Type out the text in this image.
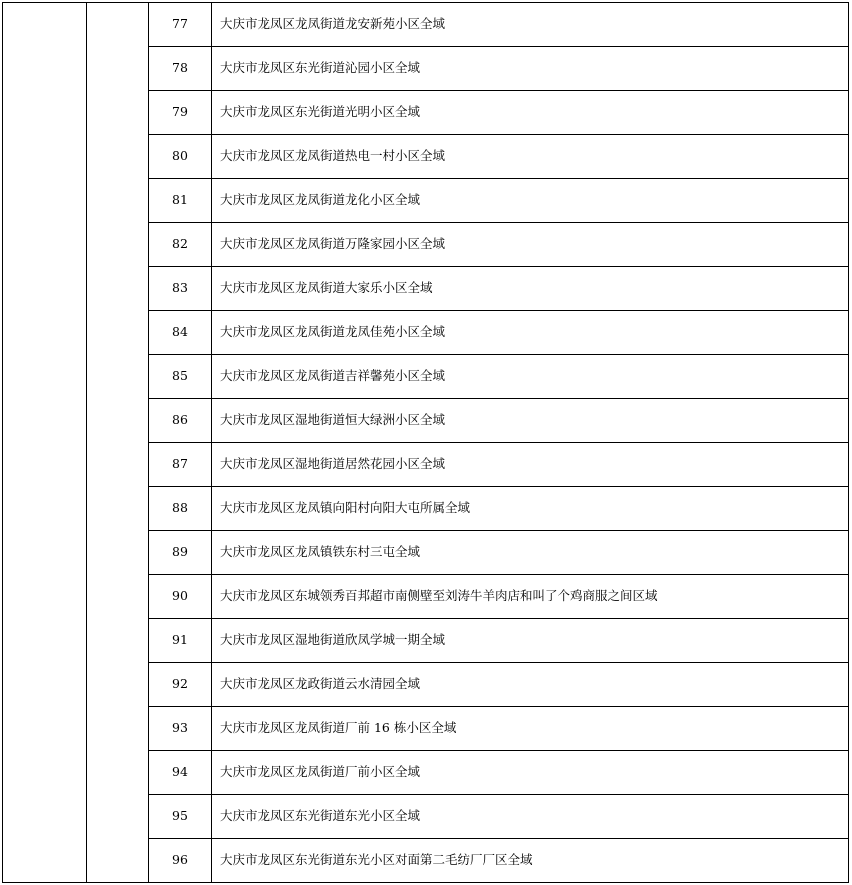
		77	大庆市龙凤区龙凤街道龙安新苑小区全域
		78	大庆市龙凤区东光街道沁园小区全域
		79	大庆市龙凤区东光街道光明小区全域
		80	大庆市龙凤区龙凤街道热电一村小区全域
		81	大庆市龙凤区龙凤街道龙化小区全域
		82	大庆市龙凤区龙凤街道万隆家园小区全域
		83	大庆市龙凤区龙凤街道大家乐小区全域
		84	大庆市龙凤区龙凤街道龙凤佳苑小区全域
		85	大庆市龙凤区龙凤街道吉祥馨苑小区全域
		86	大庆市龙凤区湿地街道恒大绿洲小区全域
		87	大庆市龙凤区湿地街道居然花园小区全域
		88	大庆市龙凤区龙凤镇向阳村向阳大屯所属全域
		89	大庆市龙凤区龙凤镇铁东村三屯全域
		90	大庆市龙凤区东城领秀百邦超市南侧壁至刘涛牛羊肉店和叫了个鸡商服之间区域
		91	大庆市龙凤区湿地街道欣凤学城一期全域
		92	大庆市龙凤区龙政街道云水清园全域
		93	大庆市龙凤区龙凤街道厂前 16 栋小区全域
		94	大庆市龙凤区龙凤街道厂前小区全域
		95	大庆市龙凤区东光街道东光小区全域
		96	大庆市龙凤区东光街道东光小区对面第二毛纺厂厂区全域
